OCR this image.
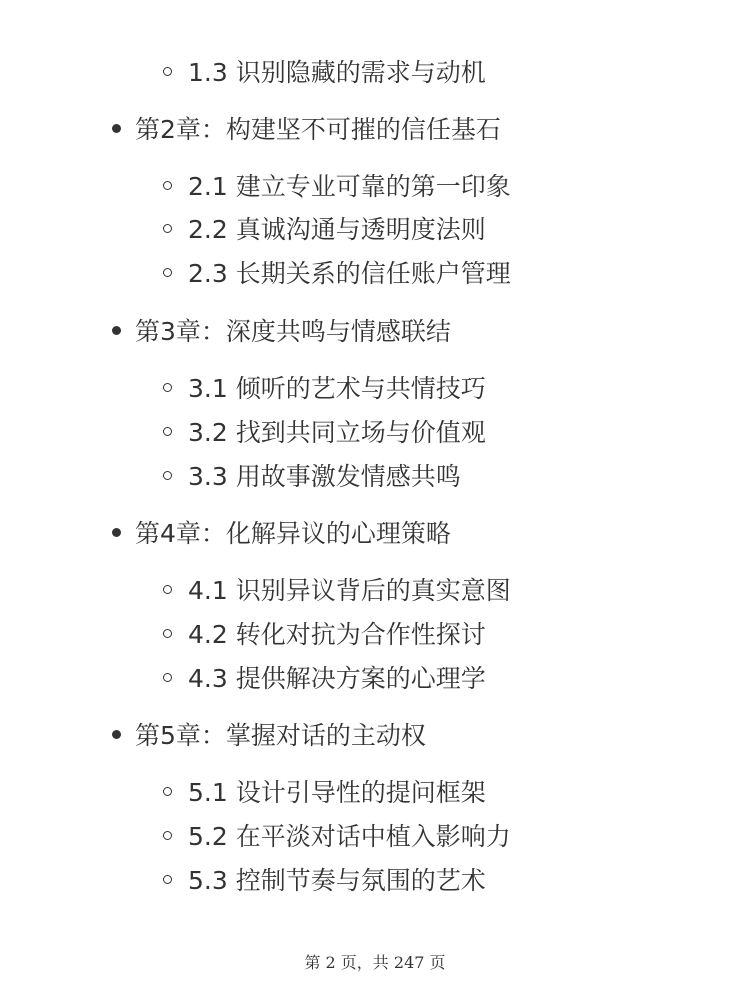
1.3 识别隐藏的需求与动机
第2章：构建坚不可摧的信任基石
2.1 建立专业可靠的第一印象
2.2 真诚沟通与透明度法则
2.3 长期关系的信任账户管理
第3章：深度共鸣与情感联结
3.1 倾听的艺术与共情技巧
3.2 找到共同立场与价值观
3.3 用故事激发情感共鸣
第4章：化解异议的心理策略
4.1 识别异议背后的真实意图
4.2 转化对抗为合作性探讨
4.3 提供解决方案的心理学
第5章：掌握对话的主动权
5.1 设计引导性的提问框架
5.2 在平淡对话中植入影响力
5.3 控制节奏与氛围的艺术
第 2 页，共 247 页
